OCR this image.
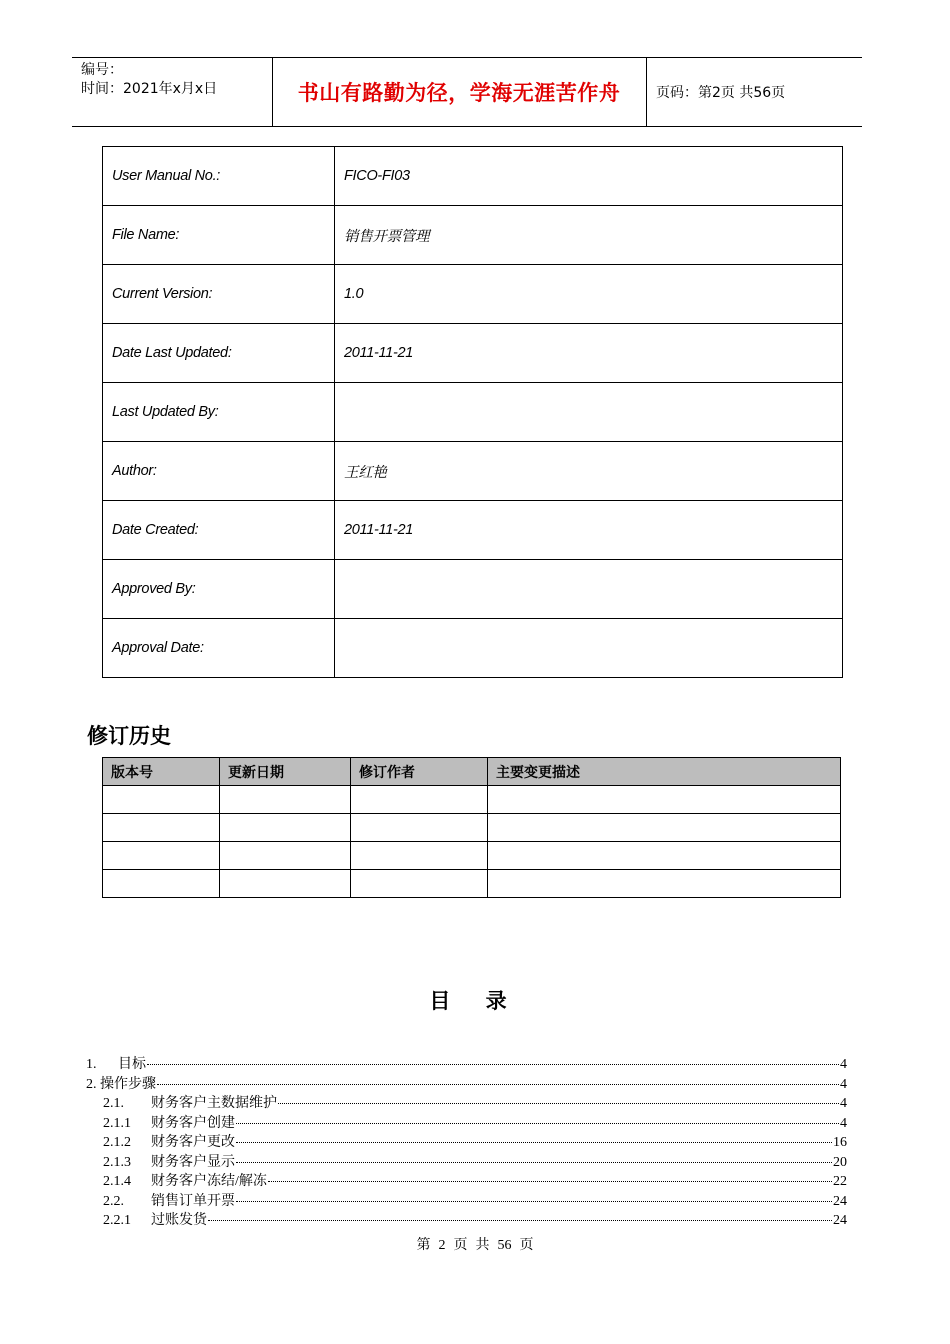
编号：
时间：2021年x月x日	书山有路勤为径，学海无涯苦作舟	页码：第2页 共56页
User Manual No.:	FICO-FI03
File Name:	销售开票管理
Current Version:	1.0
Date Last Updated:	2011-11-21
Last Updated By:	
Author:	王红艳
Date Created:	2011-11-21
Approved By:	
Approval Date:	
修订历史
版本号	更新日期	修订作者	主要变更描述

目 录
1.	目标	4
2. 操作步骤	4
2.1.	财务客户主数据维护	4
2.1.1	财务客户创建	4
2.1.2	财务客户更改	16
2.1.3	财务客户显示	20
2.1.4	财务客户冻结/解冻	22
2.2.	销售订单开票	24
2.2.1	过账发货	24
第 2 页 共 56 页
